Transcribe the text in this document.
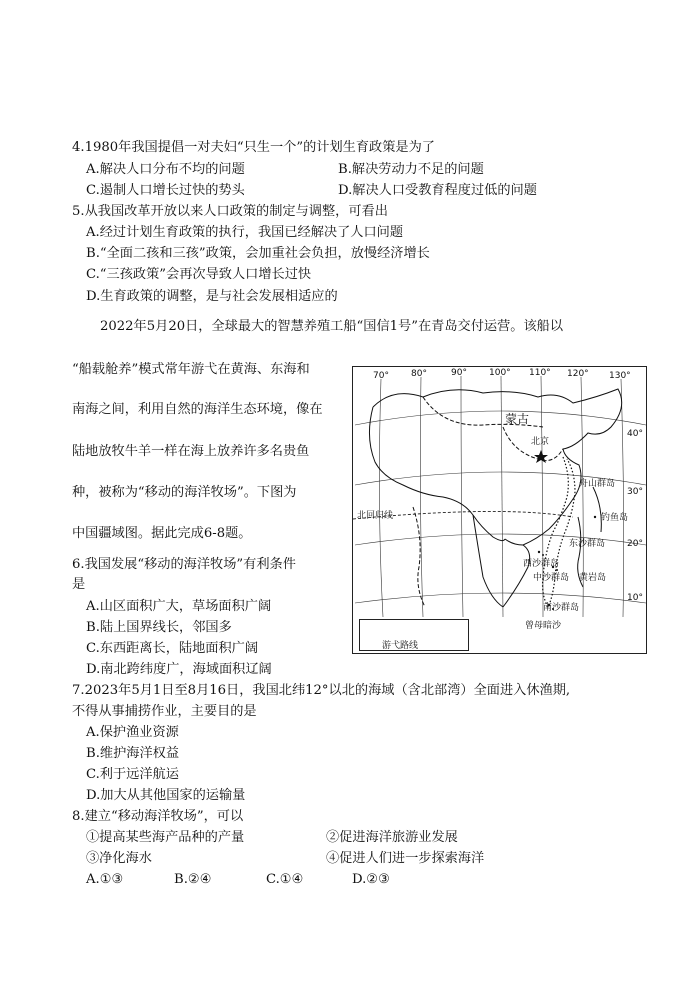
4.1980年我国提倡一对夫妇“只生一个”的计划生育政策是为了
A.解决人口分布不均的问题	B.解决劳动力不足的问题
C.遏制人口增长过快的势头	D.解决人口受教育程度过低的问题
5.从我国改革开放以来人口政策的制定与调整，可看出
A.经过计划生育政策的执行，我国已经解决了人口问题
B.“全面二孩和三孩”政策，会加重社会负担，放慢经济增长
C.“三孩政策”会再次导致人口增长过快
D.生育政策的调整，是与社会发展相适应的
2022年5月20日，全球最大的智慧养殖工船“国信1号”在青岛交付运营。该船以
“船载舱养”模式常年游弋在黄海、东海和
南海之间，利用自然的海洋生态环境，像在
陆地放牧牛羊一样在海上放养许多名贵鱼
种，被称为“移动的海洋牧场”。下图为
中国疆域图。据此完成6-8题。
70° 80°	90° 100° 110° 120° 130°
40°
30°
20°
10°
蒙古
北京
北回归线
舟山群岛
钓鱼岛
东沙群岛
西沙群岛
中沙群岛 黄岩岛
南沙群岛
曾母暗沙
游弋路线
6.我国发展“移动的海洋牧场”有利条件
是
A.山区面积广大，草场面积广阔
B.陆上国界线长，邻国多
C.东西距离长，陆地面积广阔
D.南北跨纬度广，海域面积辽阔
7.2023年5月1日至8月16日，我国北纬12°以北的海域（含北部湾）全面进入休渔期,
不得从事捕捞作业，主要目的是
A.保护渔业资源
B.维护海洋权益
C.利于远洋航运
D.加大从其他国家的运输量
8.建立“移动海洋牧场”，可以
①提高某些海产品种的产量	②促进海洋旅游业发展
③净化海水	④促进人们进一步探索海洋
A.①③	B.②④	C.①④	D.②③
